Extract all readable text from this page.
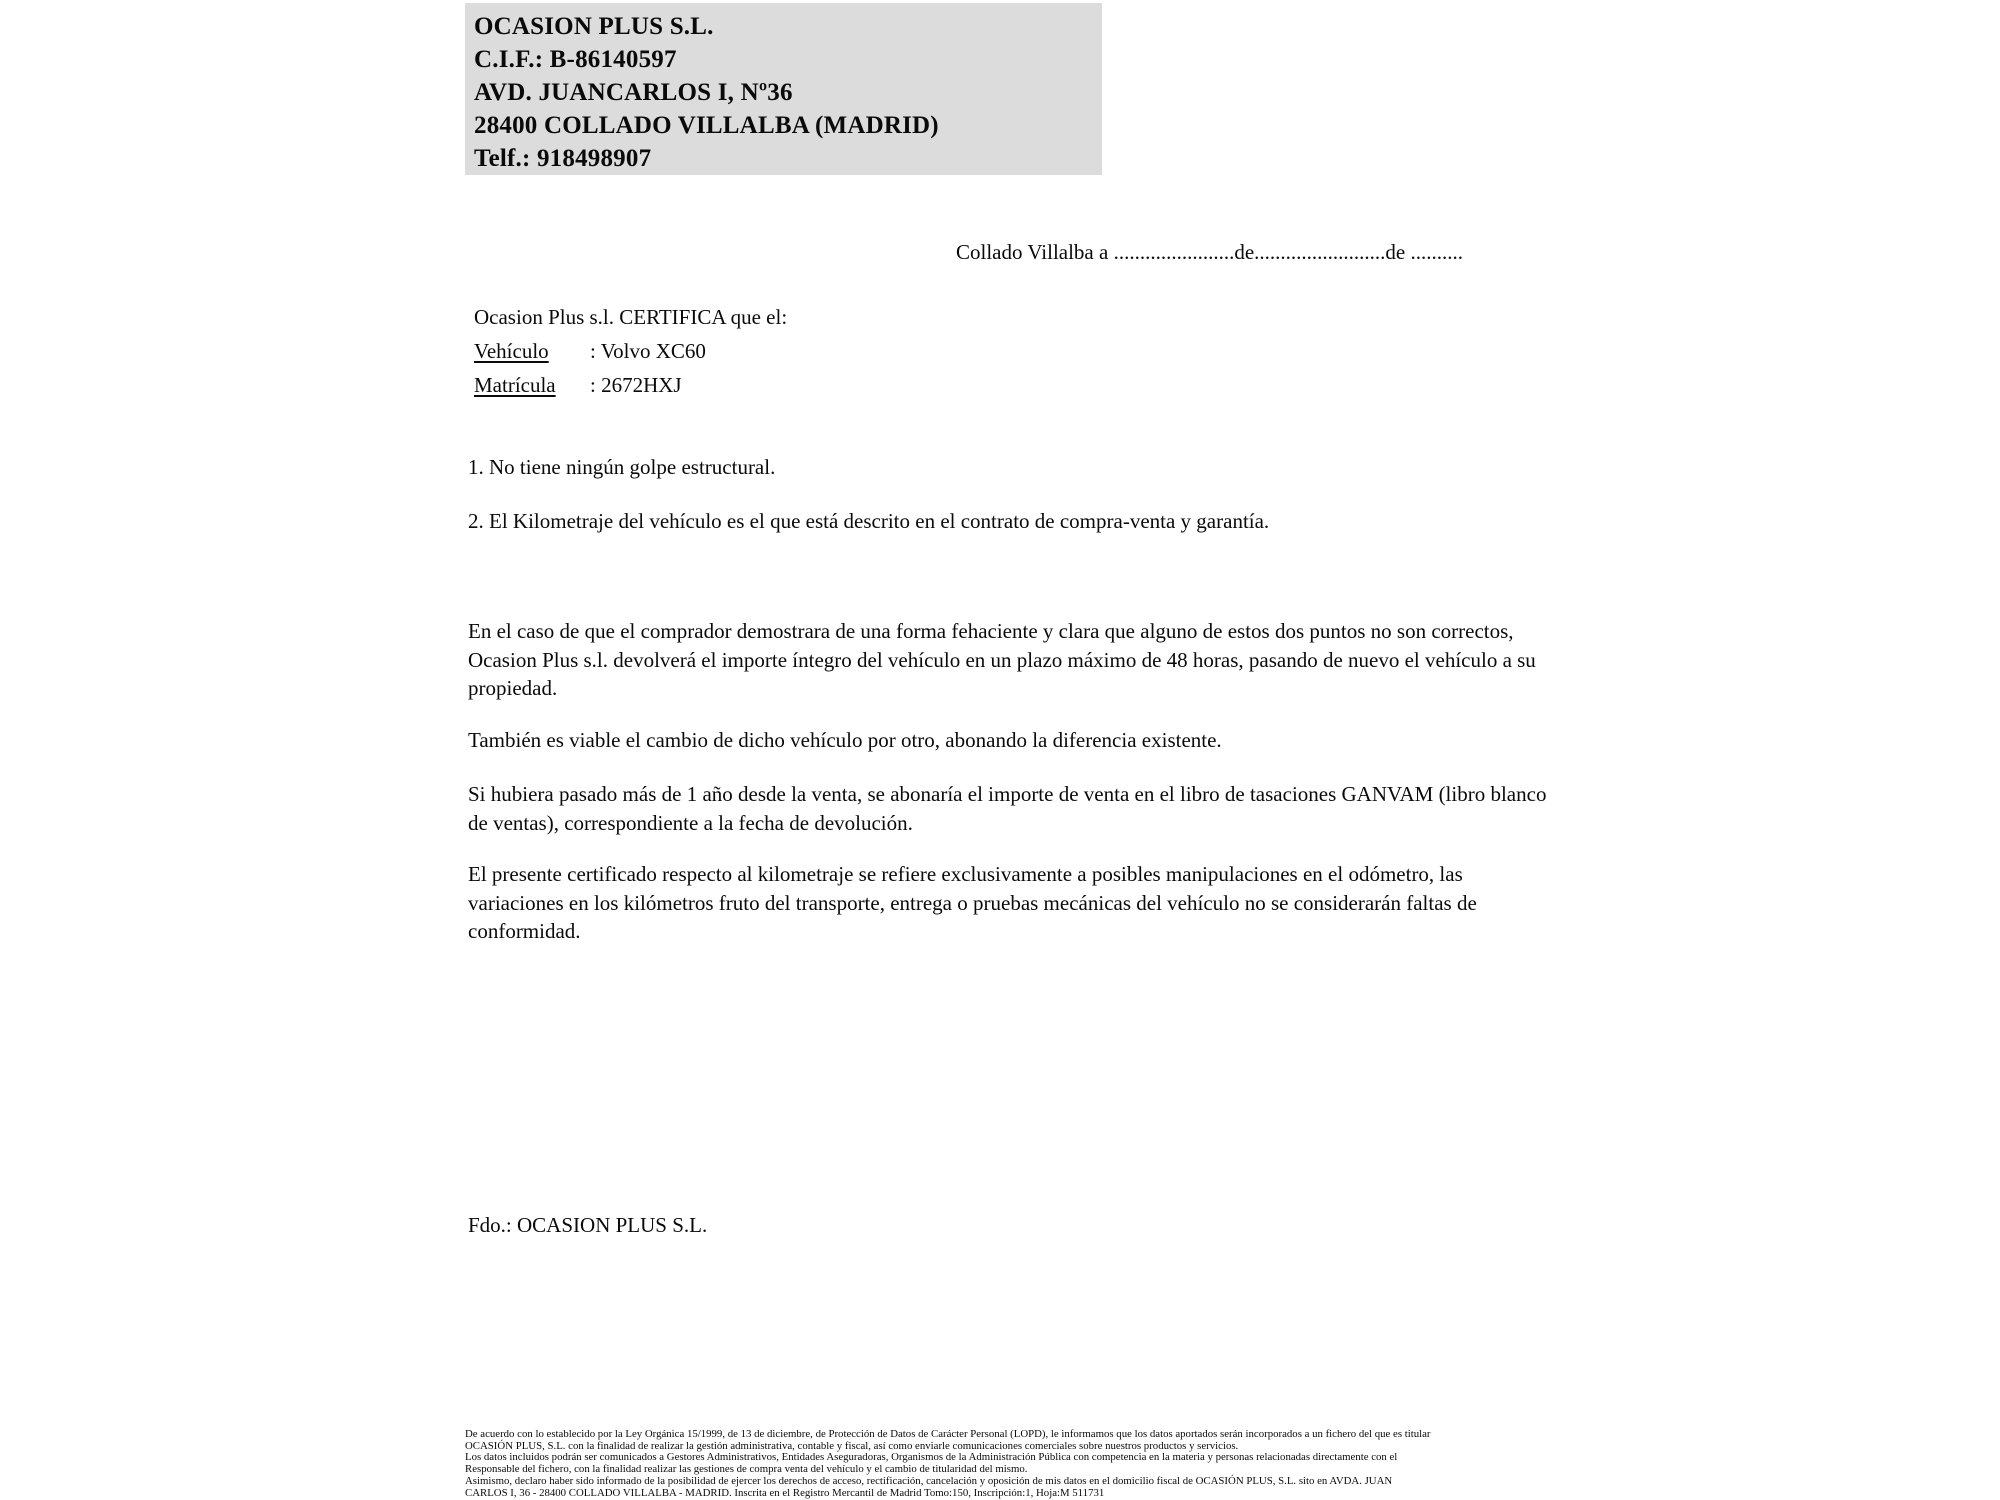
OCASION PLUS S.L.
C.I.F.: B-86140597
AVD. JUANCARLOS I, Nº36
28400 COLLADO VILLALBA (MADRID)
Telf.: 918498907
Collado Villalba a .......................de.........................de ..........
Ocasion Plus s.l. CERTIFICA que el:
Vehículo : Volvo XC60
Matrícula : 2672HXJ
1. No tiene ningún golpe estructural.
2. El Kilometraje del vehículo es el que está descrito en el contrato de compra-venta y garantía.
En el caso de que el comprador demostrara de una forma fehaciente y clara que alguno de estos dos puntos no son correctos, Ocasion Plus s.l. devolverá el importe íntegro del vehículo en un plazo máximo de 48 horas, pasando de nuevo el vehículo a su propiedad.
También es viable el cambio de dicho vehículo por otro, abonando la diferencia existente.
Si hubiera pasado más de 1 año desde la venta, se abonaría el importe de venta en el libro de tasaciones GANVAM (libro blanco de ventas), correspondiente a la fecha de devolución.
El presente certificado respecto al kilometraje se refiere exclusivamente a posibles manipulaciones en el odómetro, las variaciones en los kilómetros fruto del transporte, entrega o pruebas mecánicas del vehículo no se considerarán faltas de conformidad.
Fdo.: OCASION PLUS S.L.
De acuerdo con lo establecido por la Ley Orgánica 15/1999, de 13 de diciembre, de Protección de Datos de Carácter Personal (LOPD), le informamos que los datos aportados serán incorporados a un fichero del que es titular
OCASIÓN PLUS, S.L. con la finalidad de realizar la gestión administrativa, contable y fiscal, así como enviarle comunicaciones comerciales sobre nuestros productos y servicios.
Los datos incluidos podrán ser comunicados a Gestores Administrativos, Entidades Aseguradoras, Organismos de la Administración Pública con competencia en la materia y personas relacionadas directamente con el
Responsable del fichero, con la finalidad realizar las gestiones de compra venta del vehículo y el cambio de titularidad del mismo.
Asimismo, declaro haber sido informado de la posibilidad de ejercer los derechos de acceso, rectificación, cancelación y oposición de mis datos en el domicilio fiscal de OCASIÓN PLUS, S.L. sito en AVDA. JUAN
CARLOS I, 36 - 28400 COLLADO VILLALBA - MADRID. Inscrita en el Registro Mercantil de Madrid Tomo:150, Inscripción:1, Hoja:M 511731
